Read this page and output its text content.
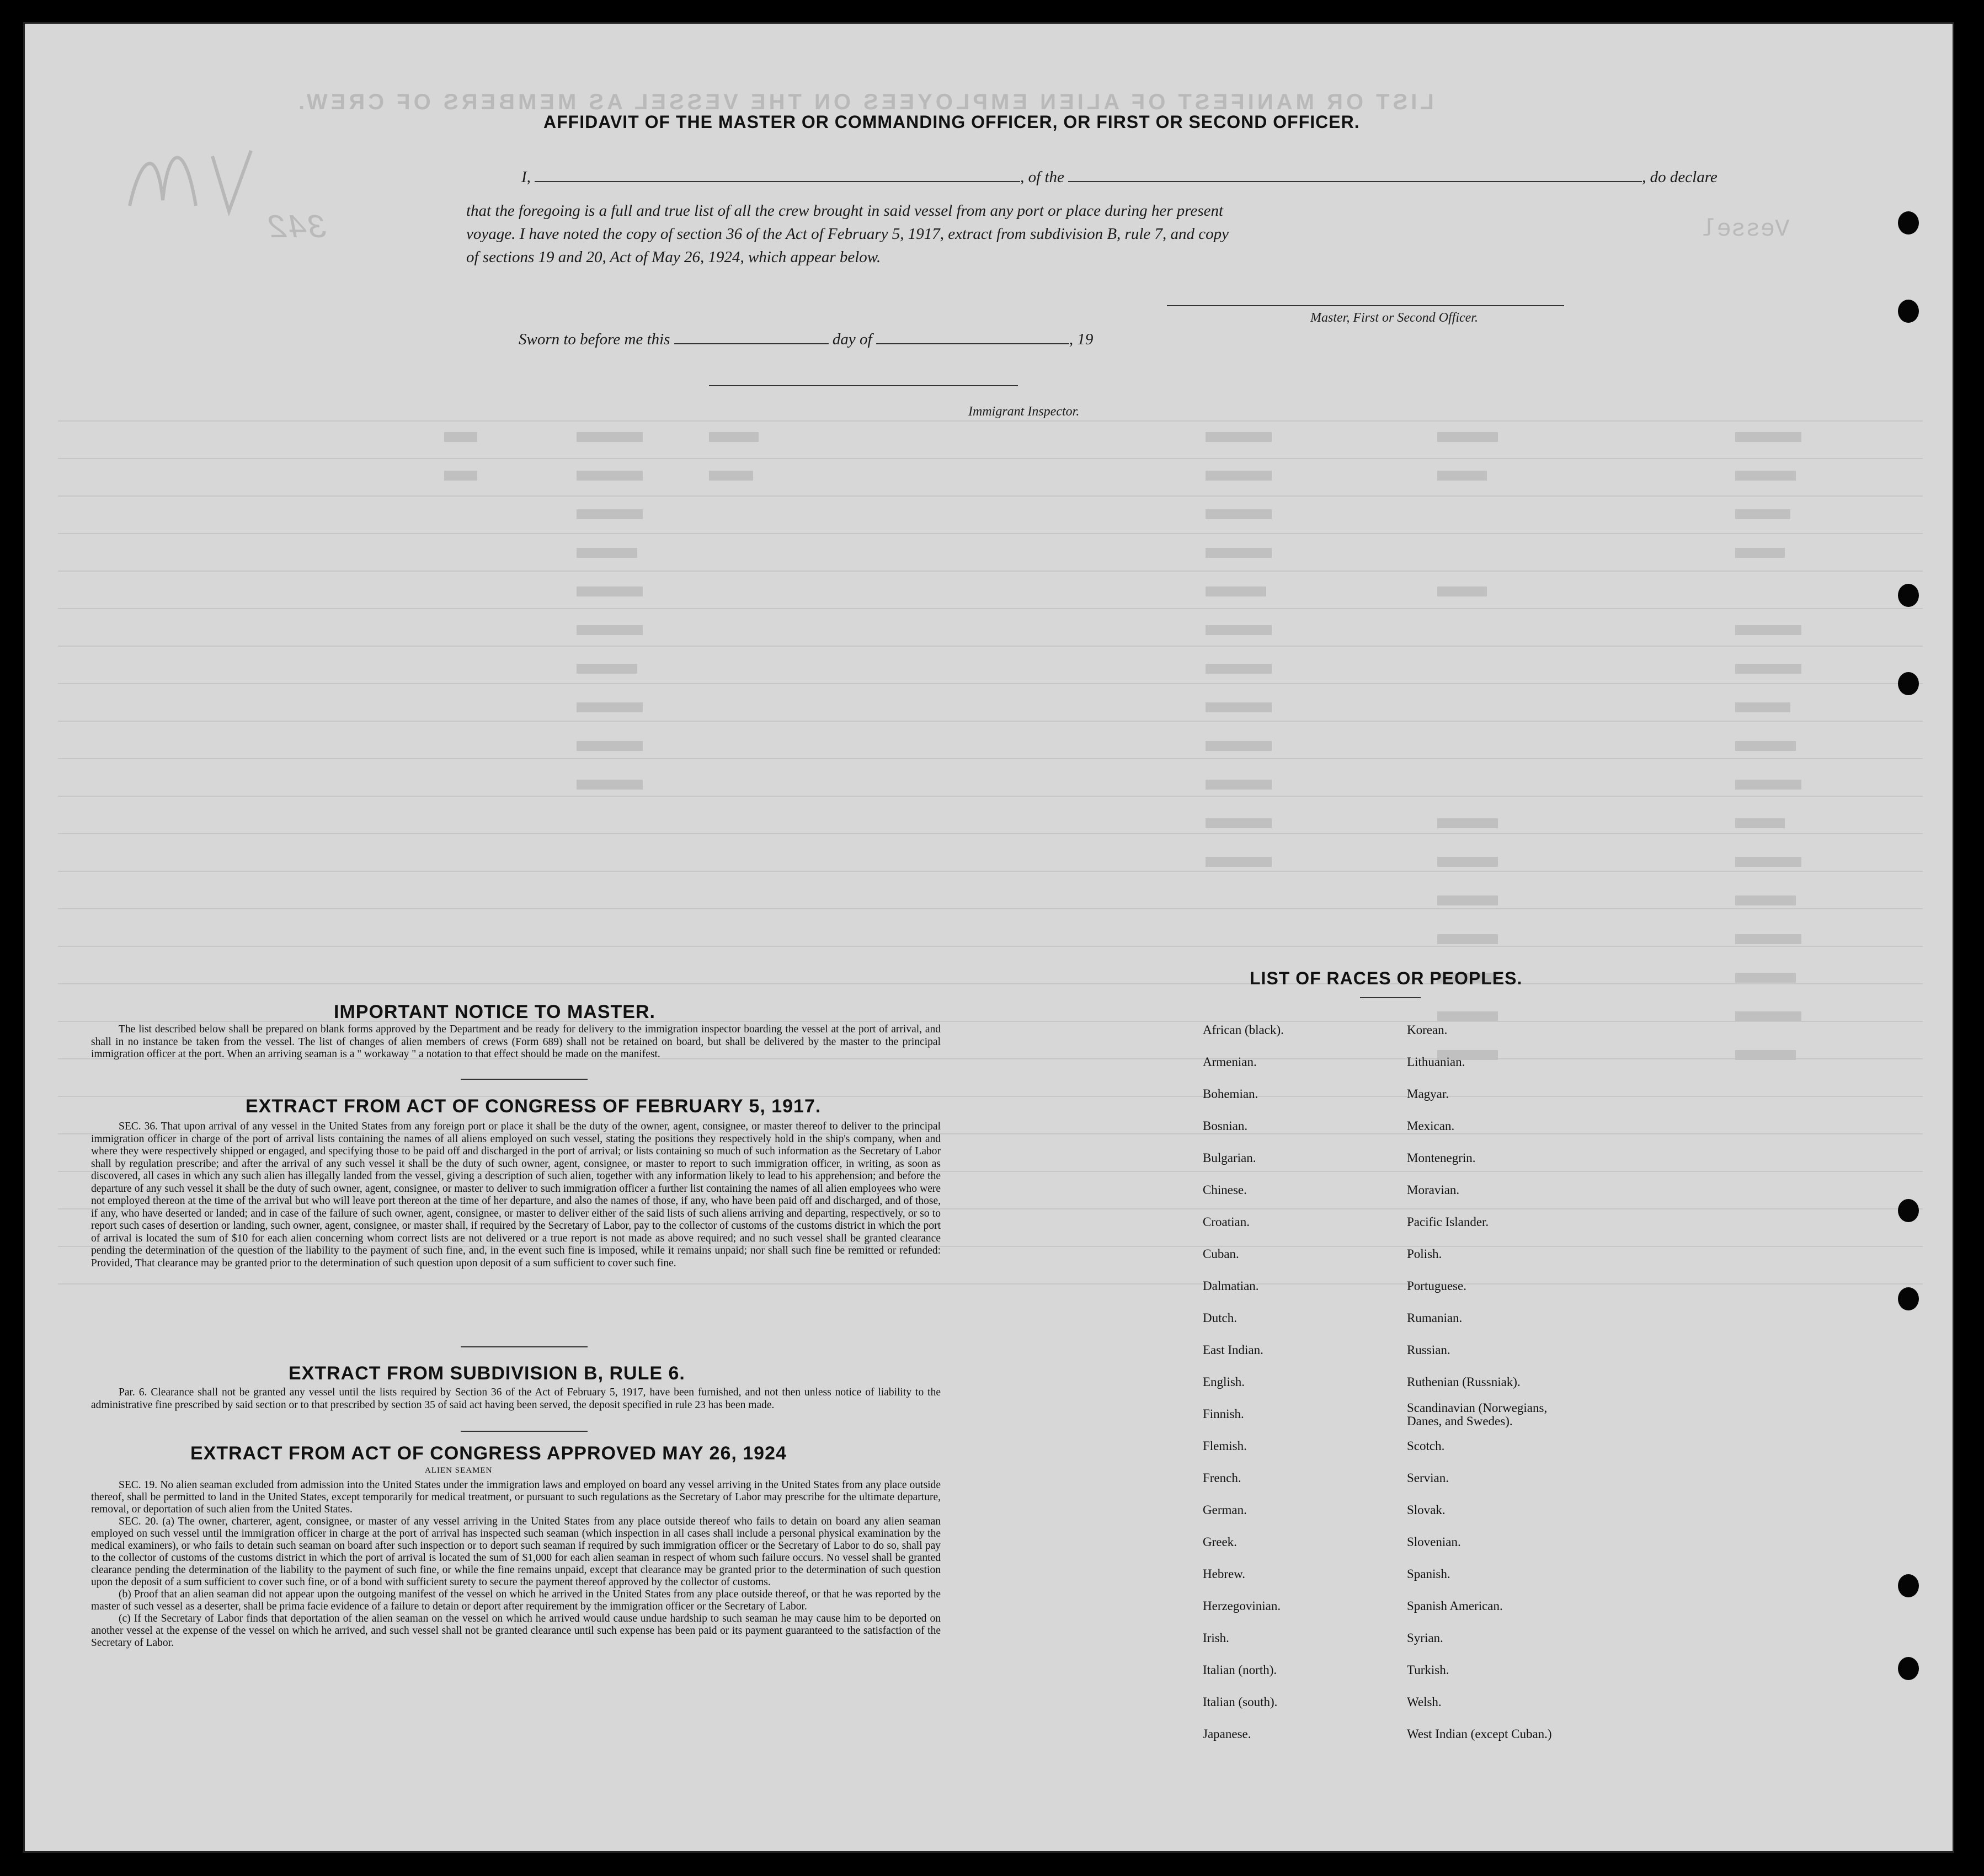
LIST OR MANIFEST OF ALIEN EMPLOYEES ON THE VESSEL AS MEMBERS OF CREW.
Vessel
342
AFFIDAVIT OF THE MASTER OR COMMANDING OFFICER, OR FIRST OR SECOND OFFICER.
I,	, of the	, do declare
that the foregoing is a full and true list of all the crew brought in said vessel from any port or place during her present
voyage. I have noted the copy of section 36 of the Act of February 5, 1917, extract from subdivision B, rule 7, and copy
of sections 19 and 20, Act of May 26, 1924, which appear below.
Master, First or Second Officer.
Sworn to before me this	day of	, 19
Immigrant Inspector.
IMPORTANT NOTICE TO MASTER.

The list described below shall be prepared on blank forms approved by the Department and be ready for delivery to the immigration inspector boarding the vessel at the port of arrival, and shall in no instance be taken from the vessel. The list of changes of alien members of crews (Form 689) shall not be retained on board, but shall be delivered by the master to the principal immigration officer at the port. When an arriving seaman is a " workaway " a notation to that effect should be made on the manifest.

EXTRACT FROM ACT OF CONGRESS OF FEBRUARY 5, 1917.

SEC. 36. That upon arrival of any vessel in the United States from any foreign port or place it shall be the duty of the owner, agent, consignee, or master thereof to deliver to the principal immigration officer in charge of the port of arrival lists containing the names of all aliens employed on such vessel, stating the positions they respectively hold in the ship's company, when and where they were respectively shipped or engaged, and specifying those to be paid off and discharged in the port of arrival; or lists containing so much of such information as the Secretary of Labor shall by regulation prescribe; and after the arrival of any such vessel it shall be the duty of such owner, agent, consignee, or master to report to such immigration officer, in writing, as soon as discovered, all cases in which any such alien has illegally landed from the vessel, giving a description of such alien, together with any information likely to lead to his apprehension; and before the departure of any such vessel it shall be the duty of such owner, agent, consignee, or master to deliver to such immigration officer a further list containing the names of all alien employees who were not employed thereon at the time of the arrival but who will leave port thereon at the time of her departure, and also the names of those, if any, who have been paid off and discharged, and of those, if any, who have deserted or landed; and in case of the failure of such owner, agent, consignee, or master to deliver either of the said lists of such aliens arriving and departing, respectively, or so to report such cases of desertion or landing, such owner, agent, consignee, or master shall, if required by the Secretary of Labor, pay to the collector of customs of the customs district in which the port of arrival is located the sum of $10 for each alien concerning whom correct lists are not delivered or a true report is not made as above required; and no such vessel shall be granted clearance pending the determination of the question of the liability to the payment of such fine, and, in the event such fine is imposed, while it remains unpaid; nor shall such fine be remitted or refunded: Provided, That clearance may be granted prior to the determination of such question upon deposit of a sum sufficient to cover such fine.

EXTRACT FROM SUBDIVISION B, RULE 6.

Par. 6. Clearance shall not be granted any vessel until the lists required by Section 36 of the Act of February 5, 1917, have been furnished, and not then unless notice of liability to the administrative fine prescribed by said section or to that prescribed by section 35 of said act having been served, the deposit specified in rule 23 has been made.

EXTRACT FROM ACT OF CONGRESS APPROVED MAY 26, 1924
ALIEN SEAMEN

SEC. 19. No alien seaman excluded from admission into the United States under the immigration laws and employed on board any vessel arriving in the United States from any place outside thereof, shall be permitted to land in the United States, except temporarily for medical treatment, or pursuant to such regulations as the Secretary of Labor may prescribe for the ultimate departure, removal, or deportation of such alien from the United States.

SEC. 20. (a) The owner, charterer, agent, consignee, or master of any vessel arriving in the United States from any place outside thereof who fails to detain on board any alien seaman employed on such vessel until the immigration officer in charge at the port of arrival has inspected such seaman (which inspection in all cases shall include a personal physical examination by the medical examiners), or who fails to detain such seaman on board after such inspection or to deport such seaman if required by such immigration officer or the Secretary of Labor to do so, shall pay to the collector of customs of the customs district in which the port of arrival is located the sum of $1,000 for each alien seaman in respect of whom such failure occurs. No vessel shall be granted clearance pending the determination of the liability to the payment of such fine, or while the fine remains unpaid, except that clearance may be granted prior to the determination of such question upon the deposit of a sum sufficient to cover such fine, or of a bond with sufficient surety to secure the payment thereof approved by the collector of customs.

(b) Proof that an alien seaman did not appear upon the outgoing manifest of the vessel on which he arrived in the United States from any place outside thereof, or that he was reported by the master of such vessel as a deserter, shall be prima facie evidence of a failure to detain or deport after requirement by the immigration officer or the Secretary of Labor.

(c) If the Secretary of Labor finds that deportation of the alien seaman on the vessel on which he arrived would cause undue hardship to such seaman he may cause him to be deported on another vessel at the expense of the vessel on which he arrived, and such vessel shall not be granted clearance until such expense has been paid or its payment guaranteed to the satisfaction of the Secretary of Labor.

LIST OF RACES OR PEOPLES.
African (black).
Armenian.
Bohemian.
Bosnian.
Bulgarian.
Chinese.
Croatian.
Cuban.
Dalmatian.
Dutch.
East Indian.
English.
Finnish.
Flemish.
French.
German.
Greek.
Hebrew.
Herzegovinian.
Irish.
Italian (north).
Italian (south).
Japanese.
Korean.
Lithuanian.
Magyar.
Mexican.
Montenegrin.
Moravian.
Pacific Islander.
Polish.
Portuguese.
Rumanian.
Russian.
Ruthenian (Russniak).
Scandinavian (Norwegians, Danes, and Swedes).
Scotch.
Servian.
Slovak.
Slovenian.
Spanish.
Spanish American.
Syrian.
Turkish.
Welsh.
West Indian (except Cuban.)
